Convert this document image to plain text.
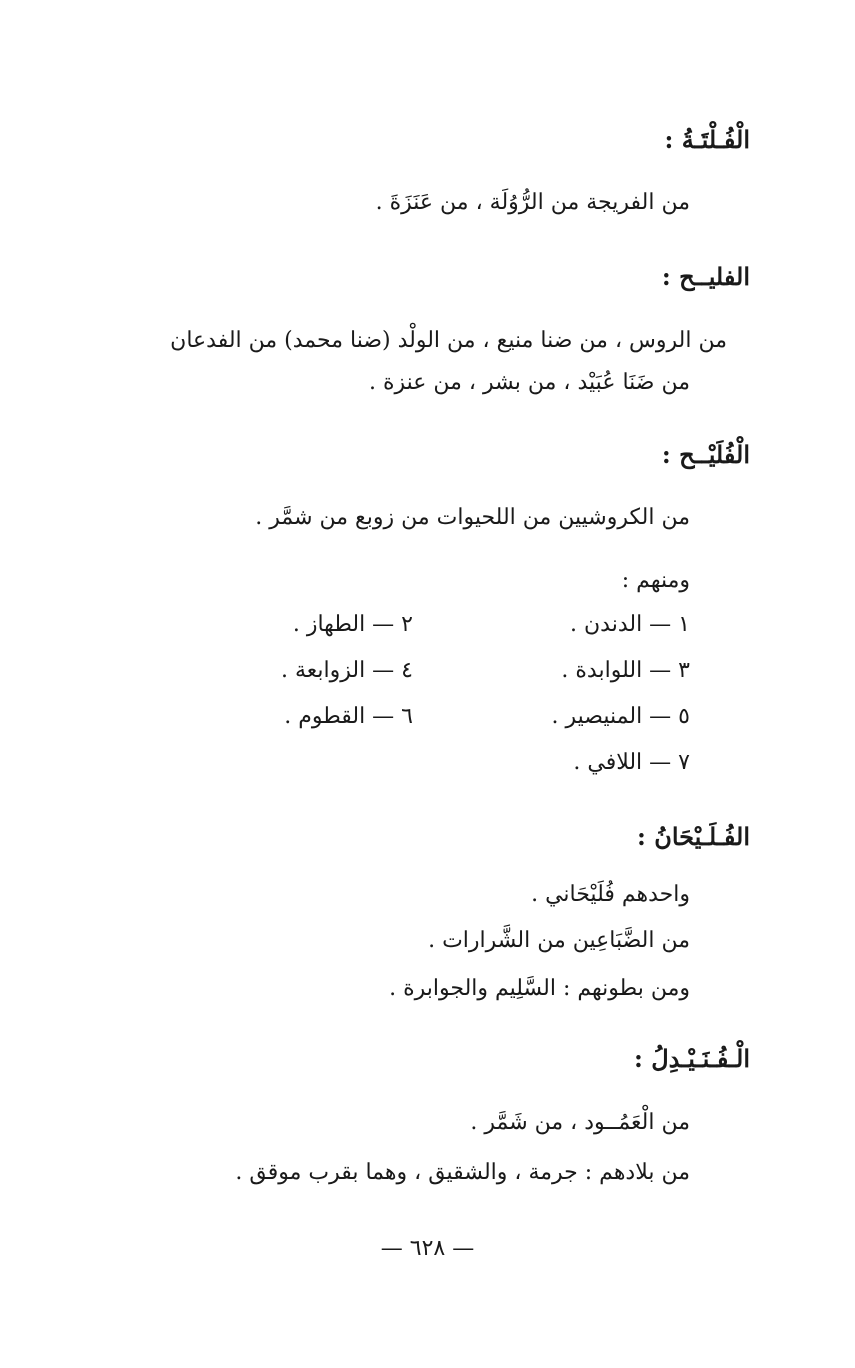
الْفُـلْتَـةُ :
من الفريجة من الرُّوُلَة ، من عَنَزَةَ .
الفليــح :
من الروس ، من ضنا منيع ، من الولْد (ضنا محمد) من الفدعان
من ضَنَا عُبَيْد ، من بشر ، من عنزة .
الْفُلَيْــح :
من الكروشيين من اللحيوات من زوبع من شمَّر .
ومنهم :
١ — الدندن .
٢ — الطهاز .
٣ — اللوابدة .
٤ — الزوابعة .
٥ — المنيصير .
٦ — القطوم .
٧ — اللافي .
الفُـلَـيْحَانُ :
واحدهم فُلَيْحَاني .
من الضَّبَاعِين من الشَّرارات .
ومن بطونهم : السَّلِيم والجوابرة .
الْـفُـنَـيْـدِلُ :
من الْعَمُــود ، من شَمَّر .
من بلادهم : جرمة ، والشقيق ، وهما بقرب موقق .
— ٦٢٨ —
